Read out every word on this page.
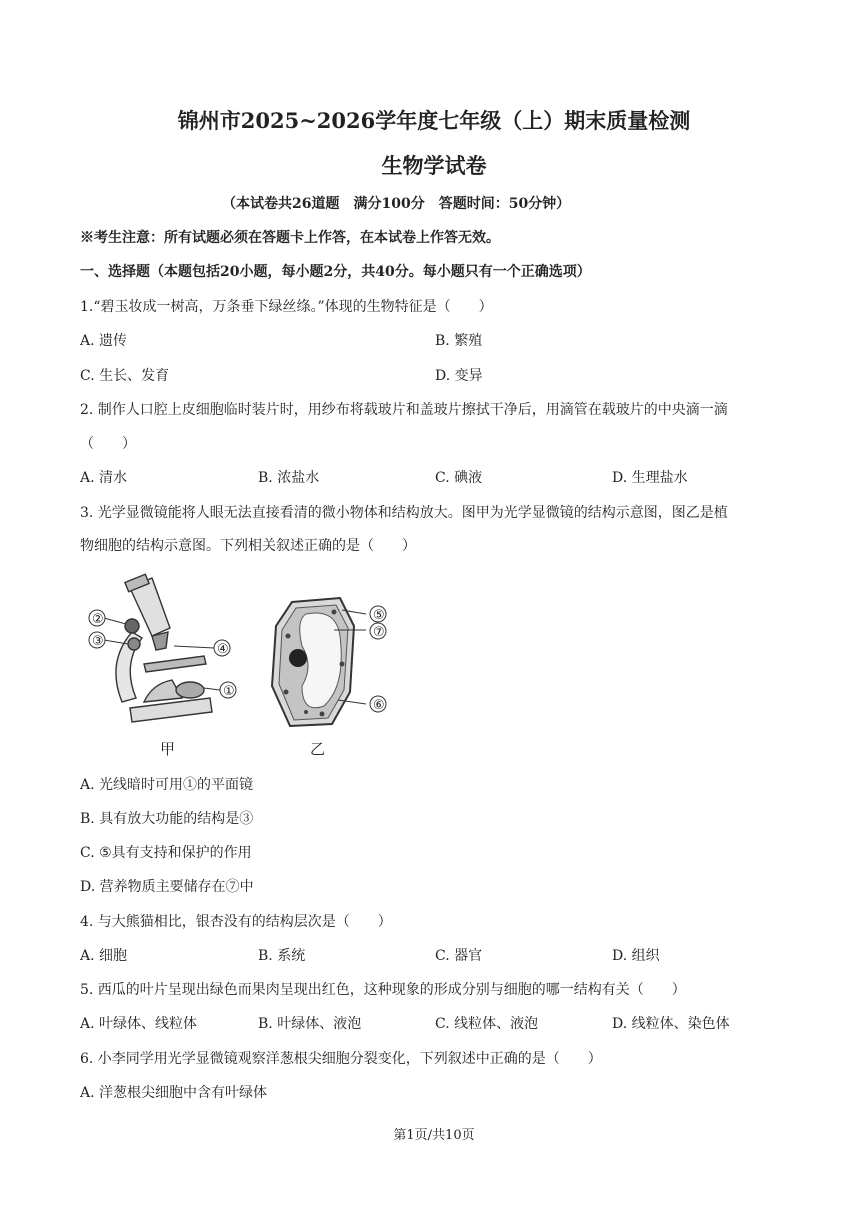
锦州市2025~2026学年度七年级（上）期末质量检测
生物学试卷
（本试卷共26道题　满分100分　答题时间：50分钟）
※考生注意：所有试题必须在答题卡上作答，在本试卷上作答无效。
一、选择题（本题包括20小题，每小题2分，共40分。每小题只有一个正确选项）
1.“碧玉妆成一树高，万条垂下绿丝绦。”体现的生物特征是（　　）
A. 遗传	B. 繁殖
C. 生长、发育	D. 变异
2. 制作人口腔上皮细胞临时装片时，用纱布将载玻片和盖玻片擦拭干净后，用滴管在载玻片的中央滴一滴
（　　）
A. 清水	B. 浓盐水	C. 碘液	D. 生理盐水
3. 光学显微镜能将人眼无法直接看清的微小物体和结构放大。图甲为光学显微镜的结构示意图，图乙是植
物细胞的结构示意图。下列相关叙述正确的是（　　）
②
③
④
①
⑤
⑦
⑥
甲	乙
A. 光线暗时可用①的平面镜
B. 具有放大功能的结构是③
C. ⑤具有支持和保护的作用
D. 营养物质主要储存在⑦中
4. 与大熊猫相比，银杏没有的结构层次是（　　）
A. 细胞	B. 系统	C. 器官	D. 组织
5. 西瓜的叶片呈现出绿色而果肉呈现出红色，这种现象的形成分别与细胞的哪一结构有关（　　）
A. 叶绿体、线粒体	B. 叶绿体、液泡	C. 线粒体、液泡	D. 线粒体、染色体
6. 小李同学用光学显微镜观察洋葱根尖细胞分裂变化，下列叙述中正确的是（　　）
A. 洋葱根尖细胞中含有叶绿体
第1页/共10页
